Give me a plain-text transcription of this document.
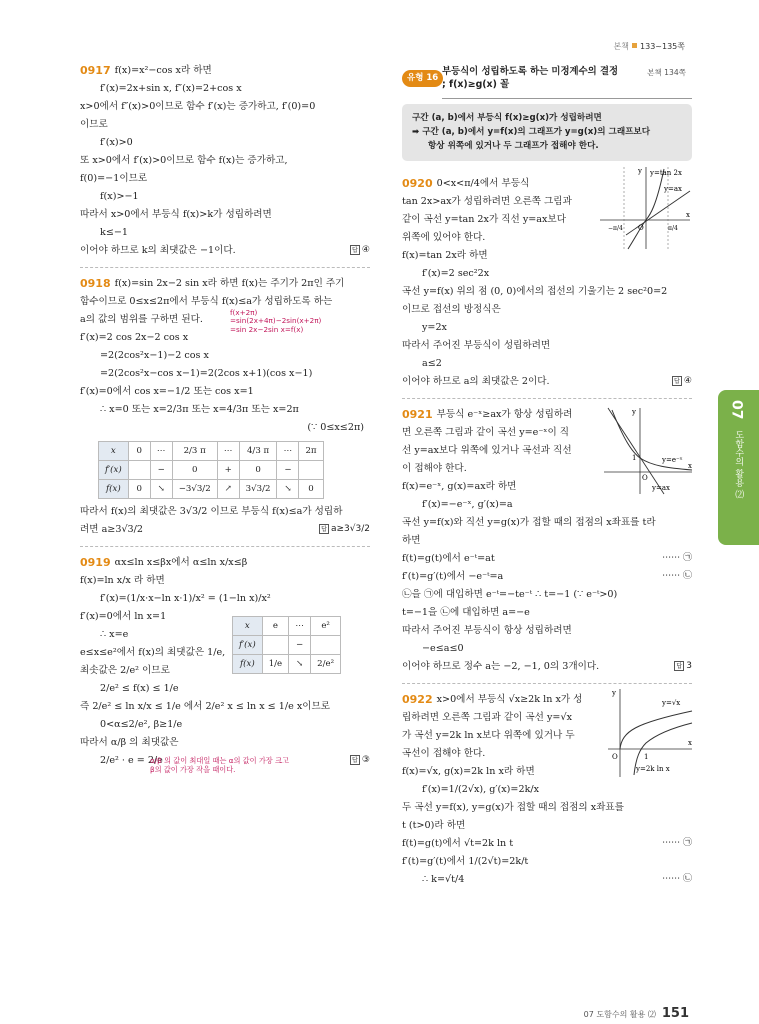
본책 133~135쪽
0917 f(x)=x²−cos x라 하면
f′(x)=2x+sin x, f″(x)=2+cos x
x>0에서 f″(x)>0이므로 함수 f′(x)는 증가하고, f′(0)=0
이므로
f′(x)>0
또 x>0에서 f′(x)>0이므로 함수 f(x)는 증가하고,
f(0)=−1이므로
f(x)>−1
따라서 x>0에서 부등식 f(x)>k가 성립하려면
k≤−1
이어야 하므로 k의 최댓값은 −1이다.	답 ④
0918 f(x)=sin 2x−2 sin x라 하면 f(x)는 주기가 2π인 주기
함수이므로 0≤x≤2π에서 부등식 f(x)≤a가 성립하도록 하는
a의 값의 범위를 구하면 된다.
f(x+2π)
=sin(2x+4π)−2sin(x+2π)
=sin 2x−2sin x=f(x)
f′(x)=2 cos 2x−2 cos x
=2(2cos²x−1)−2 cos x
=2(2cos²x−cos x−1)=2(2cos x+1)(cos x−1)
f′(x)=0에서 cos x=−1/2 또는 cos x=1
∴ x=0 또는 x=2/3π 또는 x=4/3π 또는 x=2π
(∵ 0≤x≤2π)
x	0	⋯	2/3 π	⋯	4/3 π	⋯	2π
f′(x)		−	0	+	0	−	
f(x)	0	↘	−3√3/2	↗	3√3/2	↘	0
따라서 f(x)의 최댓값은 3√3/2 이므로 부등식 f(x)≤a가 성립하
려면 a≥3√3/2	답 a≥3√3/2
0919 αx≤ln x≤βx에서 α≤ln x/x≤β
f(x)=ln x/x 라 하면
f′(x)=(1/x·x−ln x·1)/x² = (1−ln x)/x²
f′(x)=0에서 ln x=1
∴ x=e
e≤x≤e²에서 f(x)의 최댓값은 1/e,
최솟값은 2/e² 이므로
2/e² ≤ f(x) ≤ 1/e
즉 2/e² ≤ ln x/x ≤ 1/e 에서 2/e² x ≤ ln x ≤ 1/e x이므로
0<α≤2/e², β≥1/e
따라서 α/β 의 최댓값은
2/e² · e = 2/e	답 ③
α/β 의 값이 최대일 때는 α의 값이 가장 크고
β의 값이 가장 작을 때이다.
x	e	⋯	e²
f′(x)		−	
f(x)	1/e	↘	2/e²
유형 16
부등식이 성립하도록 하는 미정계수의 결정
; f(x)≥g(x) 꼴
본책 134쪽
구간 (a, b)에서 부등식 f(x)≥g(x)가 성립하려면
➡ 구간 (a, b)에서 y=f(x)의 그래프가 y=g(x)의 그래프보다
항상 위쪽에 있거나 두 그래프가 접해야 한다.
0920 0<x<π/4에서 부등식
tan 2x>ax가 성립하려면 오른쪽 그림과
같이 곡선 y=tan 2x가 직선 y=ax보다
위쪽에 있어야 한다.
f(x)=tan 2x라 하면
f′(x)=2 sec²2x
곡선 y=f(x) 위의 점 (0, 0)에서의 접선의 기울기는 2 sec²0=2
이므로 접선의 방정식은
y=2x
따라서 주어진 부등식이 성립하려면
a≤2
이어야 하므로 a의 최댓값은 2이다.	답 ④
y=tan 2x
y=ax
O
−π/4	π/4
x
y
0921 부등식 e⁻ˣ≥ax가 항상 성립하려
면 오른쪽 그림과 같이 곡선 y=e⁻ˣ이 직
선 y=ax보다 위쪽에 있거나 곡선과 직선
이 접해야 한다.
f(x)=e⁻ˣ, g(x)=ax라 하면
f′(x)=−e⁻ˣ, g′(x)=a
곡선 y=f(x)와 직선 y=g(x)가 접할 때의 접점의 x좌표를 t라
하면
f(t)=g(t)에서 e⁻ᵗ=at	⋯⋯ ㉠
f′(t)=g′(t)에서 −e⁻ᵗ=a	⋯⋯ ㉡
㉡을 ㉠에 대입하면 e⁻ᵗ=−te⁻ᵗ ∴ t=−1 (∵ e⁻ᵗ>0)
t=−1을 ㉡에 대입하면 a=−e
따라서 주어진 부등식이 항상 성립하려면
−e≤a≤0
이어야 하므로 정수 a는 −2, −1, 0의 3개이다.	답 3
y=e⁻ˣ
y=ax
O
1
x
y
0922 x>0에서 부등식 √x≥2k ln x가 성
립하려면 오른쪽 그림과 같이 곡선 y=√x
가 곡선 y=2k ln x보다 위쪽에 있거나 두
곡선이 접해야 한다.
f(x)=√x, g(x)=2k ln x라 하면
f′(x)=1/(2√x), g′(x)=2k/x
두 곡선 y=f(x), y=g(x)가 접할 때의 접점의 x좌표를
t (t>0)라 하면
f(t)=g(t)에서 √t=2k ln t	⋯⋯ ㉠
f′(t)=g′(t)에서 1/(2√t)=2k/t
∴ k=√t/4	⋯⋯ ㉡
y=√x
y=2k ln x
O	1
x
y
07
도함수의 활용 ⑵
07 도함수의 활용 ⑵ 151
